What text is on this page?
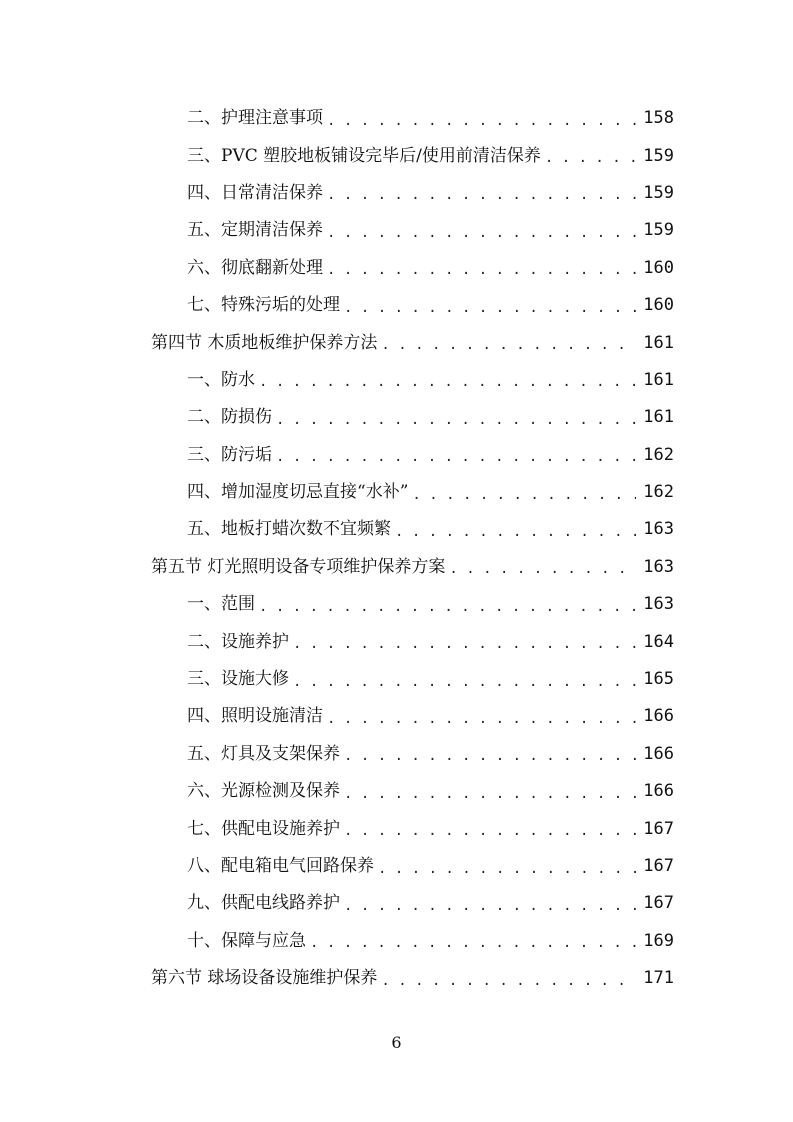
二、护理注意事项 . . .	158
三、PVC 塑胶地板铺设完毕后/使用前清洁保养 . . .	159
四、日常清洁保养 . . .	159
五、定期清洁保养 . . .	159
六、彻底翻新处理 . . .	160
七、特殊污垢的处理 . . .	160
第四节 木质地板维护保养方法 . . .	161
一、防水 . . .	161
二、防损伤 . . .	161
三、防污垢 . . .	162
四、增加湿度切忌直接“水补” . . .	162
五、地板打蜡次数不宜频繁 . . .	163
第五节 灯光照明设备专项维护保养方案 . . .	163
一、范围 . . .	163
二、设施养护 . . .	164
三、设施大修 . . .	165
四、照明设施清洁 . . .	166
五、灯具及支架保养 . . .	166
六、光源检测及保养 . . .	166
七、供配电设施养护 . . .	167
八、配电箱电气回路保养 . . .	167
九、供配电线路养护 . . .	167
十、保障与应急 . . .	169
第六节 球场设备设施维护保养 . . .	171
6
